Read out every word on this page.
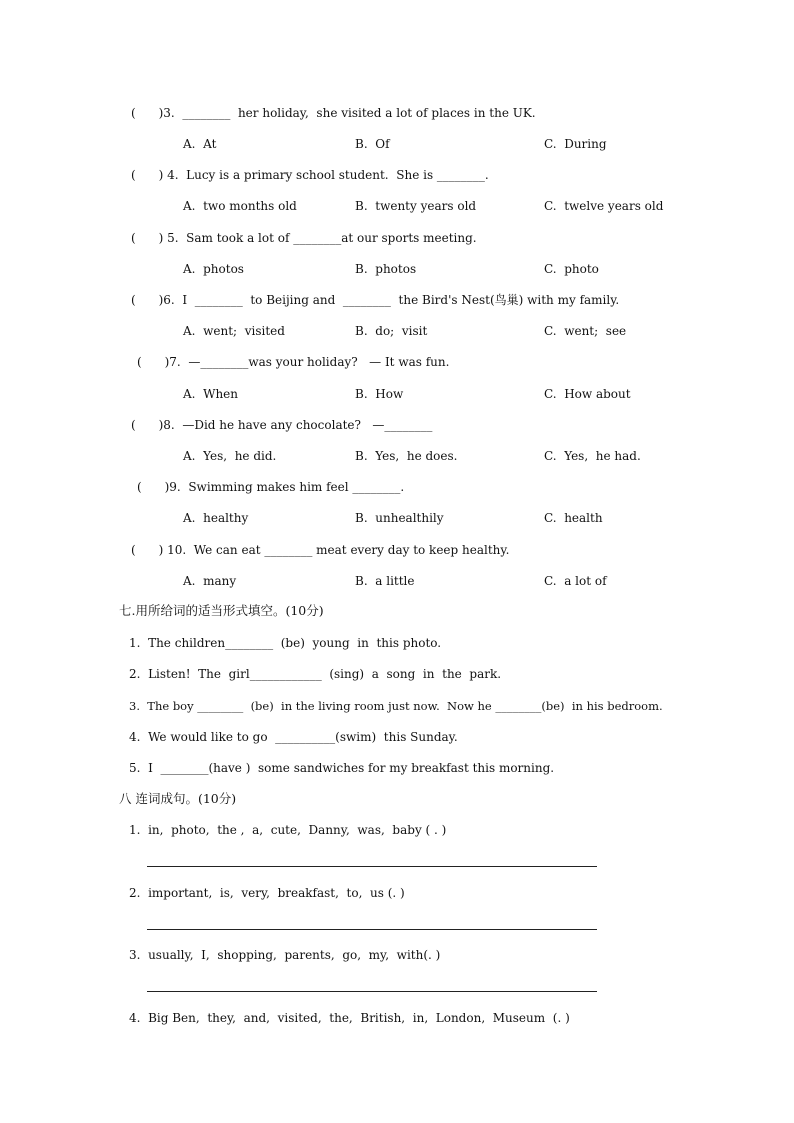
(      )3.  ________  her holiday,  she visited a lot of places in the UK.
A.  At	B.  Of	C.  During
(      ) 4.  Lucy is a primary school student.  She is ________.
A.  two months old	B.  twenty years old	C.  twelve years old
(      ) 5.  Sam took a lot of ________at our sports meeting.
A.  photos	B.  photos	C.  photo
(      )6.  I  ________  to Beijing and  ________  the Bird's Nest(鸟巢) with my family.
A.  went;  visited	B.  do;  visit	C.  went;  see
(      )7.  —________was your holiday?   — It was fun.
A.  When	B.  How	C.  How about
(      )8.  —Did he have any chocolate?   —________
A.  Yes,  he did.	B.  Yes,  he does.	C.  Yes,  he had.
(      )9.  Swimming makes him feel ________.
A.  healthy	B.  unhealthily	C.  health
(      ) 10.  We can eat ________ meat every day to keep healthy.
A.  many	B.  a little	C.  a lot of
七.用所给词的适当形式填空。(10分)
1.  The children________  (be)  young  in  this photo.
2.  Listen!  The  girl____________  (sing)  a  song  in  the  park.
3.  The boy ________  (be)  in the living room just now.  Now he ________(be)  in his bedroom.
4.  We would like to go  __________(swim)  this Sunday.
5.  I  ________(have )  some sandwiches for my breakfast this morning.
八 连词成句。(10分)
1.  in,  photo,  the ,  a,  cute,  Danny,  was,  baby ( . )
2.  important,  is,  very,  breakfast,  to,  us (. )
3.  usually,  I,  shopping,  parents,  go,  my,  with(. )
4.  Big Ben,  they,  and,  visited,  the,  British,  in,  London,  Museum  (. )
